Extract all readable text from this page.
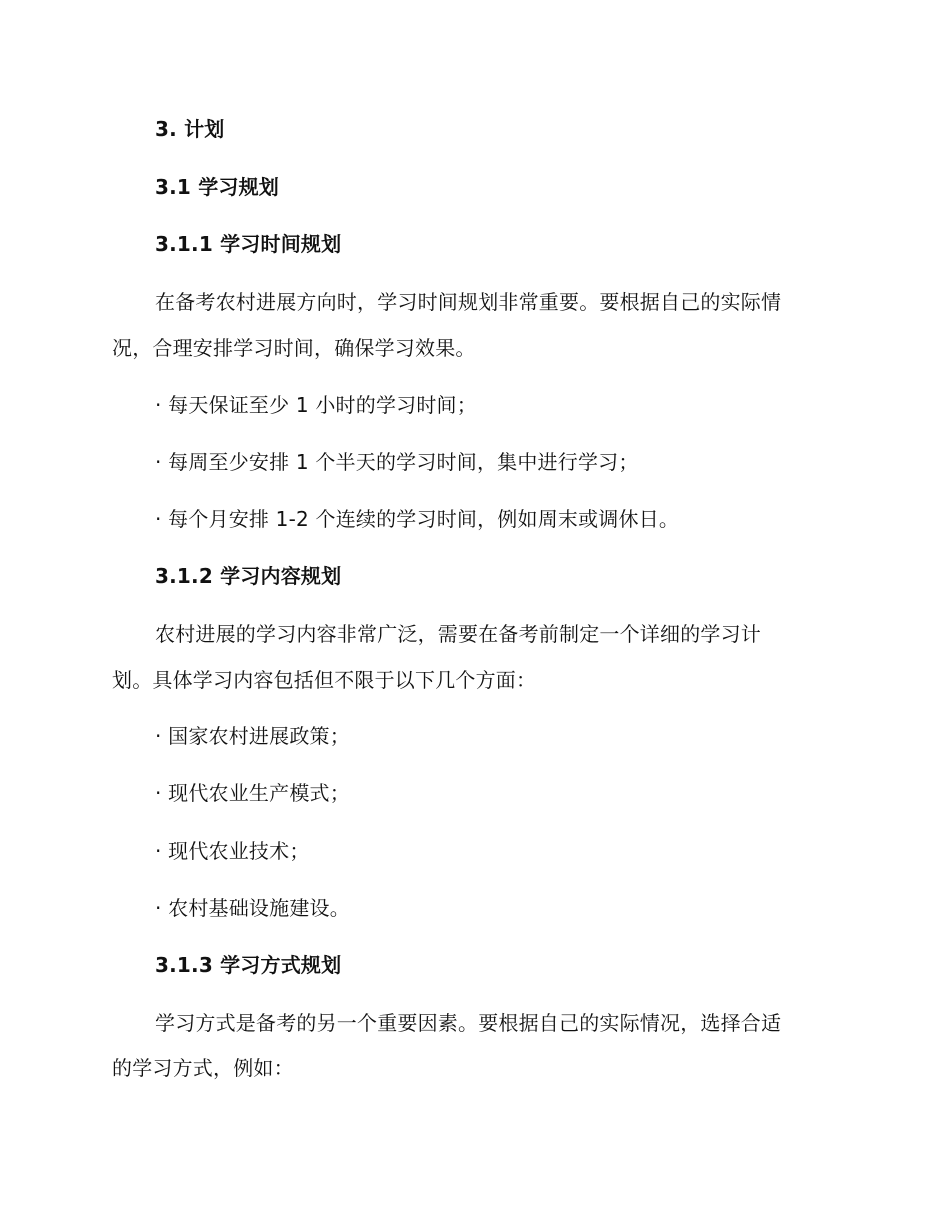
3. 计划
3.1 学习规划
3.1.1 学习时间规划
在备考农村进展方向时，学习时间规划非常重要。要根据自己的实际情
况，合理安排学习时间，确保学习效果。
· 每天保证至少 1 小时的学习时间；
· 每周至少安排 1 个半天的学习时间，集中进行学习；
· 每个月安排 1-2 个连续的学习时间，例如周末或调休日。
3.1.2 学习内容规划
农村进展的学习内容非常广泛，需要在备考前制定一个详细的学习计
划。具体学习内容包括但不限于以下几个方面：
· 国家农村进展政策；
· 现代农业生产模式；
· 现代农业技术；
· 农村基础设施建设。
3.1.3 学习方式规划
学习方式是备考的另一个重要因素。要根据自己的实际情况，选择合适
的学习方式，例如：
